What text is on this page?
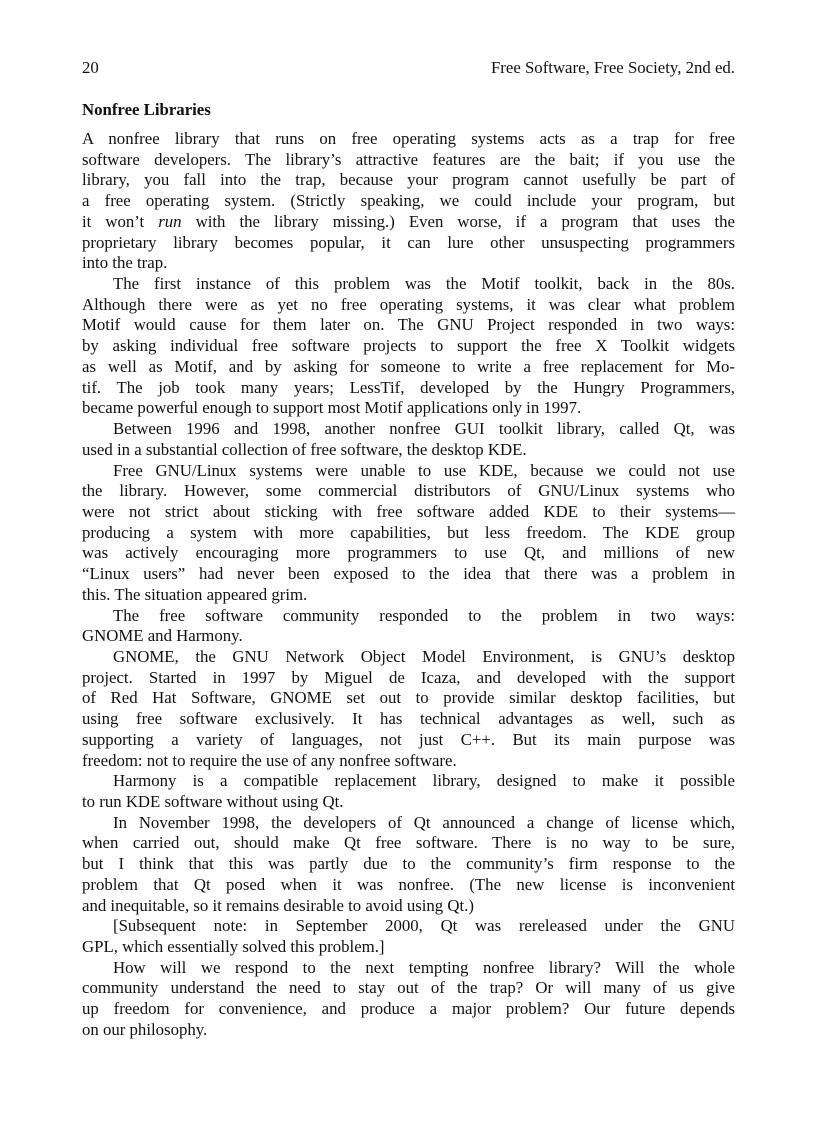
20	Free Software, Free Society, 2nd ed.
Nonfree Libraries
A nonfree library that runs on free operating systems acts as a trap for free
software developers. The library’s attractive features are the bait; if you use the
library, you fall into the trap, because your program cannot usefully be part of
a free operating system. (Strictly speaking, we could include your program, but
it won’t run with the library missing.) Even worse, if a program that uses the
proprietary library becomes popular, it can lure other unsuspecting programmers
into the trap.
The first instance of this problem was the Motif toolkit, back in the 80s.
Although there were as yet no free operating systems, it was clear what problem
Motif would cause for them later on. The GNU Project responded in two ways:
by asking individual free software projects to support the free X Toolkit widgets
as well as Motif, and by asking for someone to write a free replacement for Mo-
tif. The job took many years; LessTif, developed by the Hungry Programmers,
became powerful enough to support most Motif applications only in 1997.
Between 1996 and 1998, another nonfree GUI toolkit library, called Qt, was
used in a substantial collection of free software, the desktop KDE.
Free GNU/Linux systems were unable to use KDE, because we could not use
the library. However, some commercial distributors of GNU/Linux systems who
were not strict about sticking with free software added KDE to their systems—
producing a system with more capabilities, but less freedom. The KDE group
was actively encouraging more programmers to use Qt, and millions of new
“Linux users” had never been exposed to the idea that there was a problem in
this. The situation appeared grim.
The free software community responded to the problem in two ways:
GNOME and Harmony.
GNOME, the GNU Network Object Model Environment, is GNU’s desktop
project. Started in 1997 by Miguel de Icaza, and developed with the support
of Red Hat Software, GNOME set out to provide similar desktop facilities, but
using free software exclusively. It has technical advantages as well, such as
supporting a variety of languages, not just C++. But its main purpose was
freedom: not to require the use of any nonfree software.
Harmony is a compatible replacement library, designed to make it possible
to run KDE software without using Qt.
In November 1998, the developers of Qt announced a change of license which,
when carried out, should make Qt free software. There is no way to be sure,
but I think that this was partly due to the community’s firm response to the
problem that Qt posed when it was nonfree. (The new license is inconvenient
and inequitable, so it remains desirable to avoid using Qt.)
[Subsequent note: in September 2000, Qt was rereleased under the GNU
GPL, which essentially solved this problem.]
How will we respond to the next tempting nonfree library? Will the whole
community understand the need to stay out of the trap? Or will many of us give
up freedom for convenience, and produce a major problem? Our future depends
on our philosophy.
